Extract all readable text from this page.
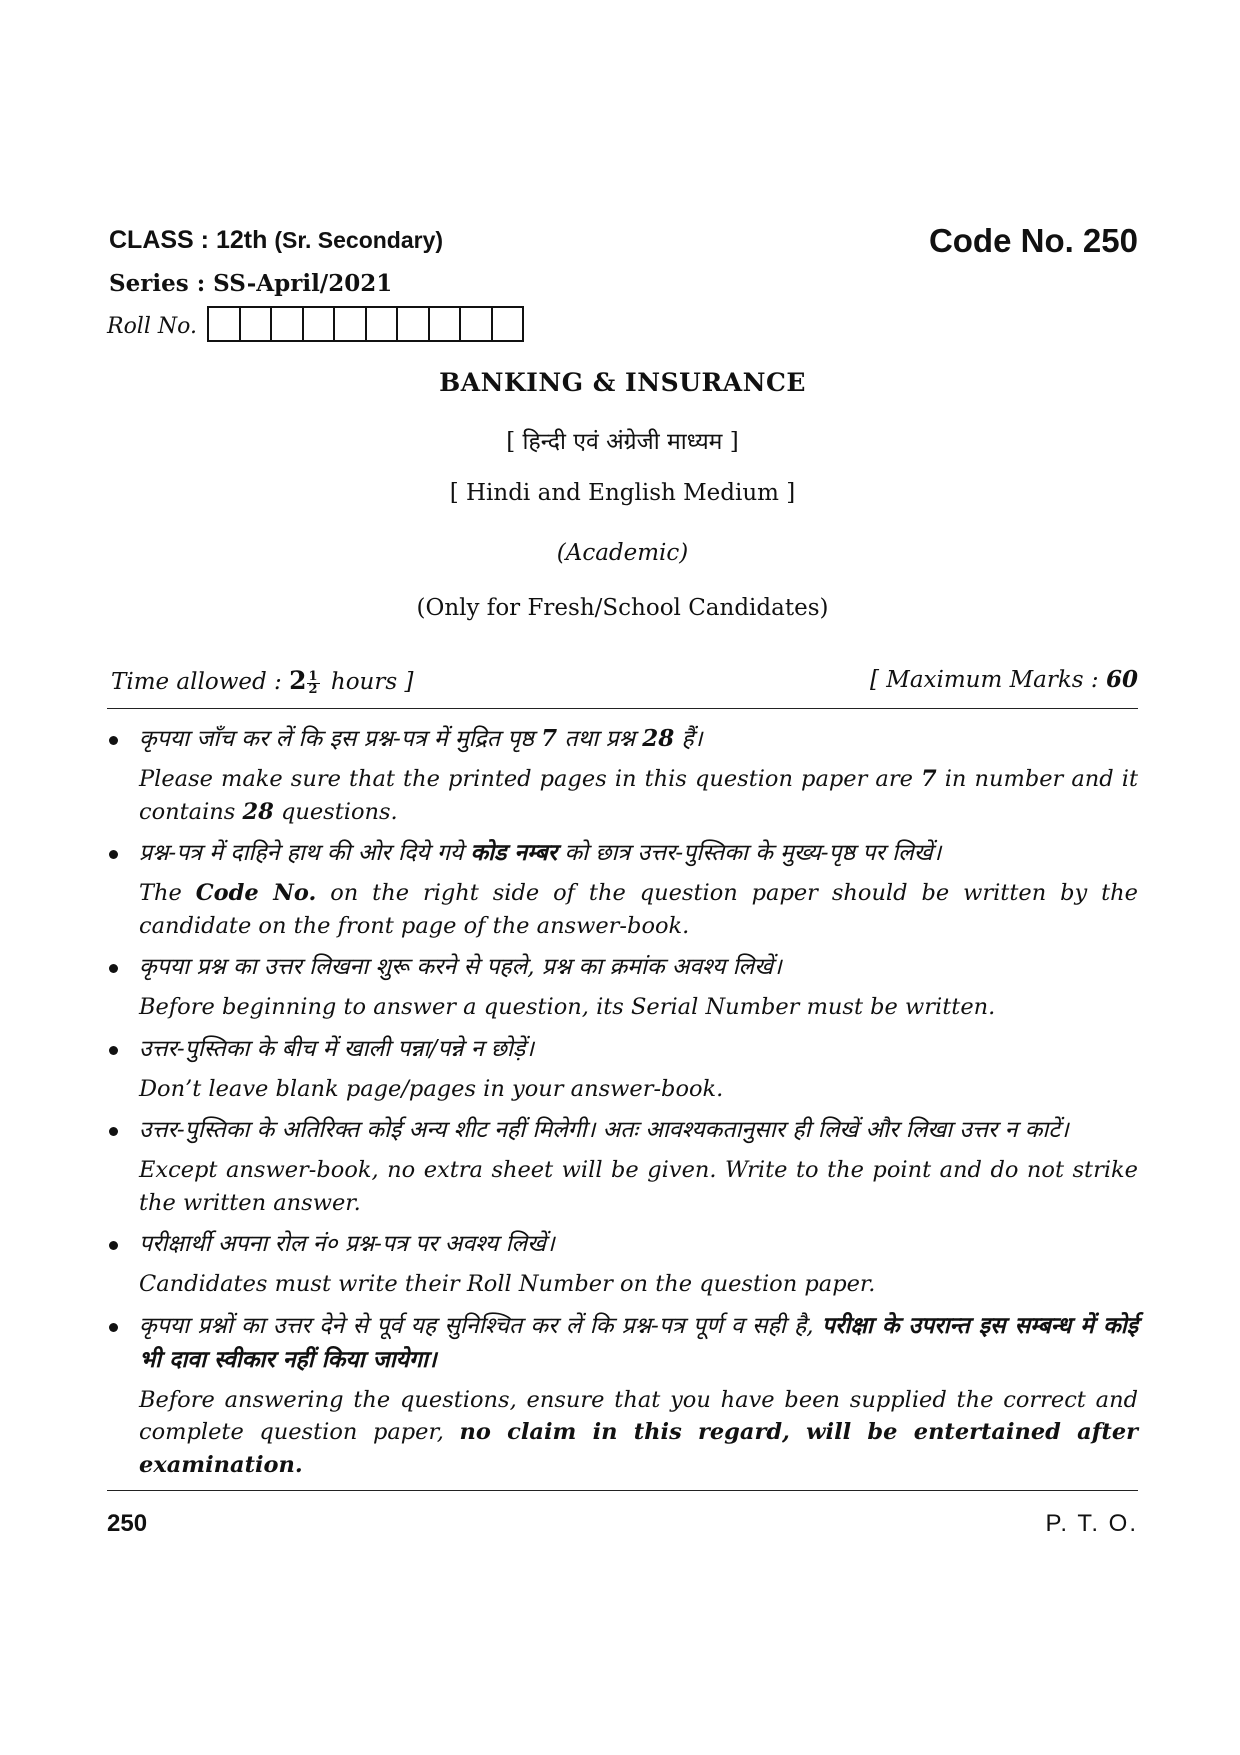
CLASS : 12th (Sr. Secondary)	Code No. 250
Series : SS-April/2021
Roll No.
BANKING & INSURANCE
[ हिन्दी एवं अंग्रेजी माध्यम ]
[ Hindi and English Medium ]
(Academic)
(Only for Fresh/School Candidates)
Time allowed : $2 \frac{1}{2}$ hours ]	[ Maximum Marks : 60
कृपया जाँच कर लें कि इस प्रश्न-पत्र में मुद्रित पृष्ठ 7 तथा प्रश्न 28 हैं।
Please make sure that the printed pages in this question paper are 7 in number and it contains 28 questions.
प्रश्न-पत्र में दाहिने हाथ की ओर दिये गये कोड नम्बर को छात्र उत्तर-पुस्तिका के मुख्य-पृष्ठ पर लिखें।
The Code No. on the right side of the question paper should be written by the candidate on the front page of the answer-book.
कृपया प्रश्न का उत्तर लिखना शुरू करने से पहले, प्रश्न का क्रमांक अवश्य लिखें।
Before beginning to answer a question, its Serial Number must be written.
उत्तर-पुस्तिका के बीच में खाली पन्ना/पन्ने न छोड़ें।
Don’t leave blank page/pages in your answer-book.
उत्तर-पुस्तिका के अतिरिक्त कोई अन्य शीट नहीं मिलेगी। अतः आवश्यकतानुसार ही लिखें और लिखा उत्तर न काटें।
Except answer-book, no extra sheet will be given. Write to the point and do not strike the written answer.
परीक्षार्थी अपना रोल नं० प्रश्न-पत्र पर अवश्य लिखें।
Candidates must write their Roll Number on the question paper.
कृपया प्रश्नों का उत्तर देने से पूर्व यह सुनिश्चित कर लें कि प्रश्न-पत्र पूर्ण व सही है, परीक्षा के उपरान्त इस सम्बन्ध में कोई भी दावा स्वीकार नहीं किया जायेगा।
Before answering the questions, ensure that you have been supplied the correct and complete question paper, no claim in this regard, will be entertained after examination.
250	P. T. O.
